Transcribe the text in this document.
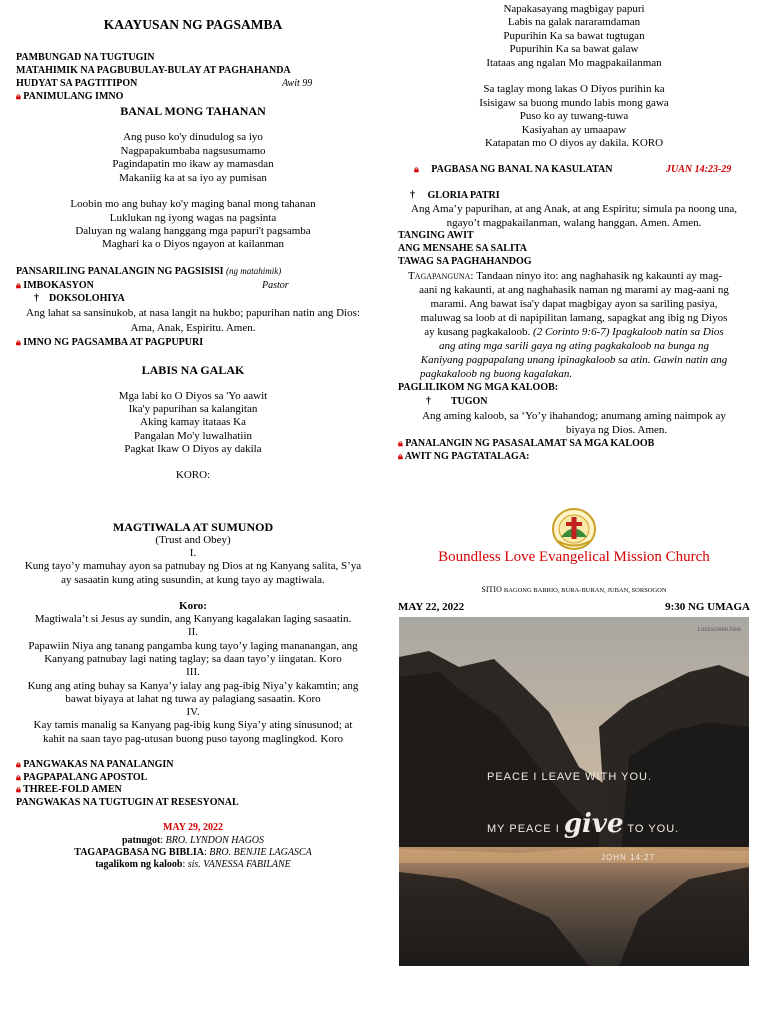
KAAYUSAN NG PAGSAMBA
PAMBUNGAD NA TUGTUGIN
MATAHIMIK NA PAGBUBULAY-BULAY AT PAGHAHANDA
HUDYAT SA PAGTITIPON	Awit 99
🔒︎ PANIMULANG IMNO
BANAL MONG TAHANAN
Ang puso ko'y dinudulog sa iyo
Nagpapakumbaba nagsusumamo
Pagindapatin mo ikaw ay mamasdan
Makaniig ka at sa iyo ay pumisan
Loobin mo ang buhay ko'y maging banal mong tahanan
Luklukan ng iyong wagas na pagsinta
Daluyan ng walang hanggang mga papuri't pagsamba
Maghari ka o Diyos ngayon at kailanman
PANSARILING PANALANGIN NG PAGSISISI (ng matahimik)
🔒︎ IMBOKASYON	Pastor
† DOKSOLOHIYA
Ang lahat sa sansinukob, at nasa langit na hukbo; papurihan natin ang Dios:
Ama, Anak, Espiritu. Amen.
🔒︎ IMNO NG PAGSAMBA AT PAGPUPURI
LABIS NA GALAK
Mga labi ko O Diyos sa 'Yo aawit
Ika'y papurihan sa kalangitan
Aking kamay itataas Ka
Pangalan Mo'y luwalhatiin
Pagkat Ikaw O Diyos ay dakila
KORO:
MAGTIWALA AT SUMUNOD
(Trust and Obey)
I.
Kung tayo’y mamuhay ayon sa patnubay ng Dios at ng Kanyang salita, S’ya
ay sasaatin kung ating susundin, at kung tayo ay magtiwala.
Koro:
Magtiwala’t si Jesus ay sundin, ang Kanyang kagalakan laging sasaatin.
II.
Papawiin Niya ang tanang pangamba kung tayo’y laging mananangan, ang
Kanyang patnubay lagi nating taglay; sa daan tayo’y iingatan. Koro
III.
Kung ang ating buhay sa Kanya’y ialay ang pag-ibig Niya’y kakamtin; ang
bawat biyaya at lahat ng tuwa ay palagiang sasaatin. Koro
IV.
Kay tamis manalig sa Kanyang pag-ibig kung Siya’y ating sinusunod; at
kahit na saan tayo pag-utusan buong puso tayong maglingkod. Koro
🔒︎ PANGWAKAS NA PANALANGIN
🔒︎ PAGPAPALANG APOSTOL
🔒︎ THREE-FOLD AMEN
PANGWAKAS NA TUGTUGIN AT RESESYONAL
MAY 29, 2022
patnugot: BRO. LYNDON HAGOS
TAGAPAGBASA NG BIBLIA: BRO. BENJIE LAGASCA
tagalikom ng kaloob: sis. VANESSA FABILANE
Napakasayang magbigay papuri
Labis na galak nararamdaman
Pupurihin Ka sa bawat tugtugan
Pupurihin Ka sa bawat galaw
Itataas ang ngalan Mo magpakailanman
Sa taglay mong lakas O Diyos purihin ka
Isisigaw sa buong mundo labis mong gawa
Puso ko ay tuwang-tuwa
Kasiyahan ay umaapaw
Katapatan mo O diyos ay dakila. KORO
🔒︎ PAGBASA NG BANAL NA KASULATAN	JUAN 14:23-29
† GLORIA PATRI
Ang Ama’y papurihan, at ang Anak, at ang Espiritu; simula pa noong una,
ngayo’t magpakailanman, walang hanggan. Amen. Amen.
TANGING AWIT
ANG MENSAHE SA SALITA
TAWAG SA PAGHAHANDOG
Tagapanguna: Tandaan ninyo ito: ang naghahasik ng kakaunti ay mag-
aani ng kakaunti, at ang naghahasik naman ng marami ay mag-aani ng
marami. Ang bawat isa'y dapat magbigay ayon sa sariling pasiya,
maluwag sa loob at di napipilitan lamang, sapagkat ang ibig ng Diyos
ay kusang pagkakaloob. (2 Corinto 9:6-7) Ipagkaloob natin sa Dios
ang ating mga sarili gaya ng ating pagkakaloob na bunga ng
Kaniyang pagpapalang unang ipinagkaloob sa atin. Gawin natin ang
pagkakaloob ng buong kagalakan.
PAGLILIKOM NG MGA KALOOB:
† TUGON
Ang aming kaloob, sa ‘Yo’y ihahandog; anumang aming naimpok ay
biyaya ng Dios. Amen.
🔒︎ PANALANGIN NG PASASALAMAT SA MGA KALOOB
🔒︎ AWIT NG PAGTATALAGA:
Boundless Love Evangelical Mission Church
SITIO BAGONG BARRIO, BURA-BURAN, JUBAN, SORSOGON
MAY 22, 2022	9:30 NG UMAGA
Lockscreen.love
PEACE I LEAVE WITH YOU.
MY PEACE I give TO YOU.
JOHN 14:27
